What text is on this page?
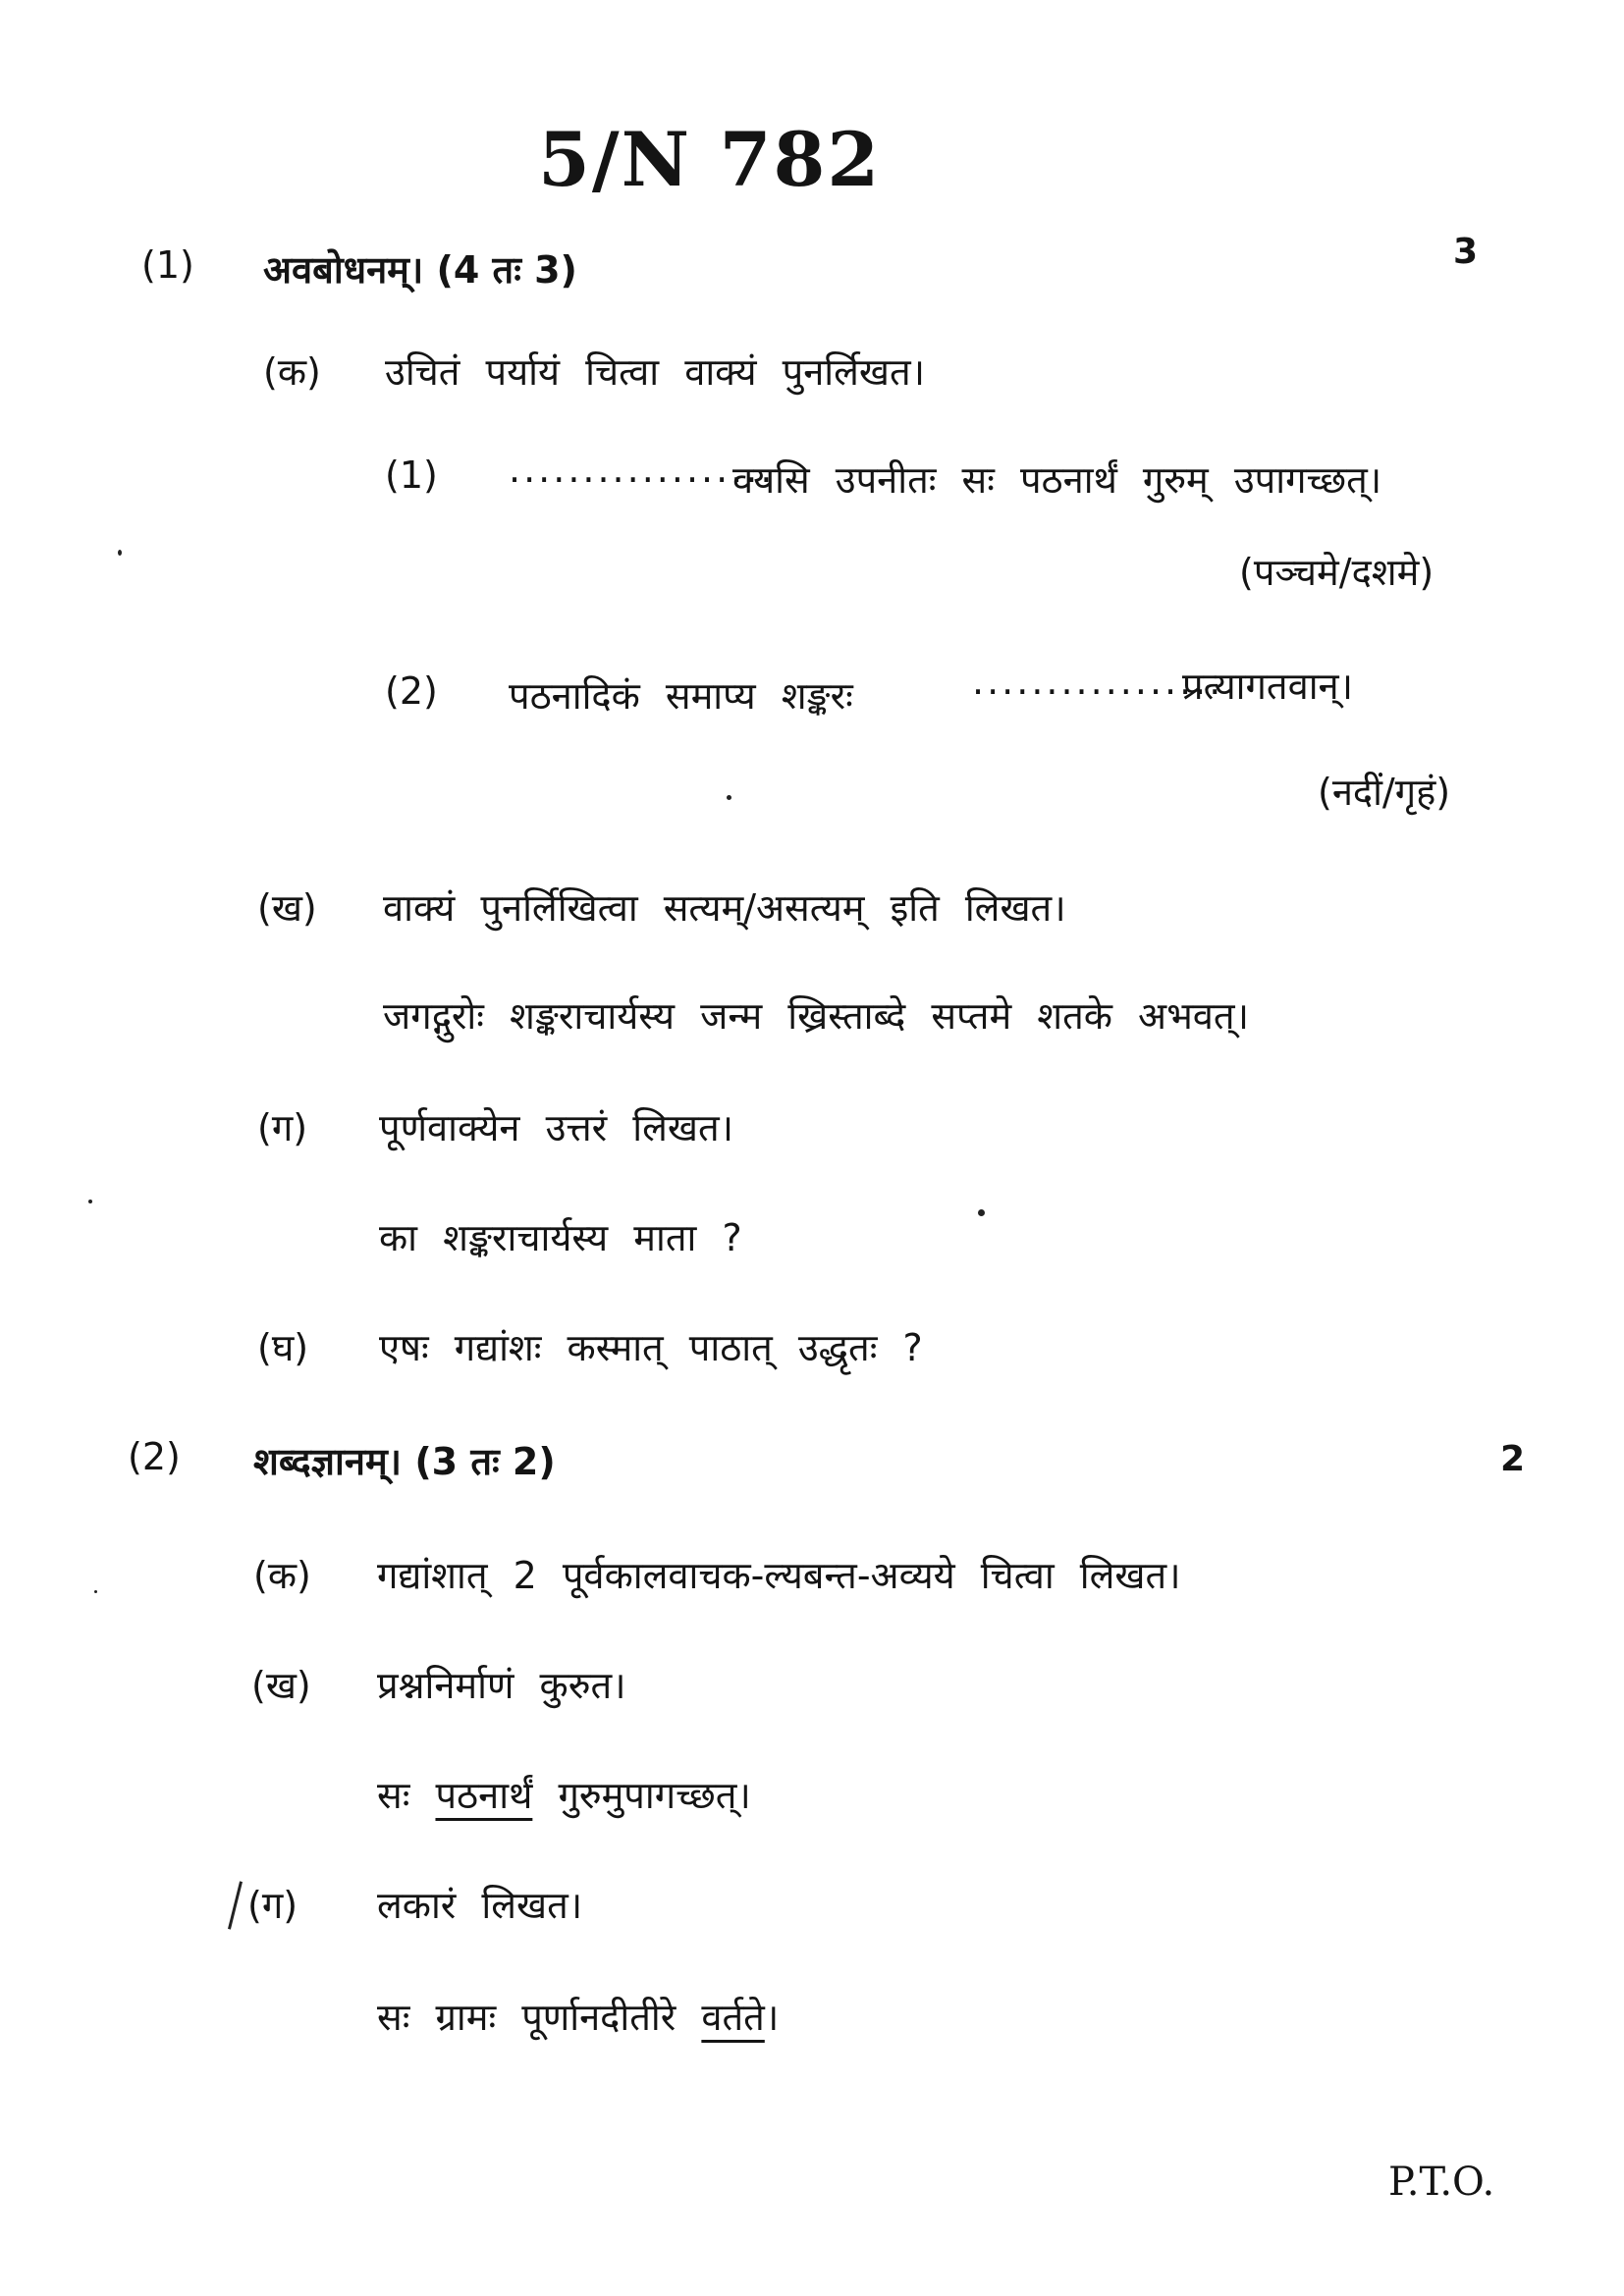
5/N 782
(1) अवबोधनम्। (4 तः 3)	3
(क) उचितं पर्यायं चित्वा वाक्यं पुनर्लिखत।
(1) ..................
वयसि उपनीतः सः पठनार्थं गुरुम् उपागच्छत्।
(पञ्चमे/दशमे)
(2) पठनादिकं समाप्य शङ्करः	.................
प्रत्यागतवान्।
(नदीं/गृहं)
(ख) वाक्यं पुनर्लिखित्वा सत्यम्/असत्यम् इति लिखत।
जगद्गुरोः शङ्कराचार्यस्य जन्म ख्रिस्ताब्दे सप्तमे शतके अभवत्।
(ग) पूर्णवाक्येन उत्तरं लिखत।
का शङ्कराचार्यस्य माता ?
(घ) एषः गद्यांशः कस्मात् पाठात् उद्धृतः ?
(2) शब्दज्ञानम्। (3 तः 2)	2
(क) गद्यांशात् 2 पूर्वकालवाचक-ल्यबन्त-अव्यये चित्वा लिखत।
(ख) प्रश्ननिर्माणं कुरुत।
सः पठनार्थं गुरुमुपागच्छत्।
(ग) लकारं लिखत।
सः ग्रामः पूर्णानदीतीरे वर्तते।
P.T.O.
